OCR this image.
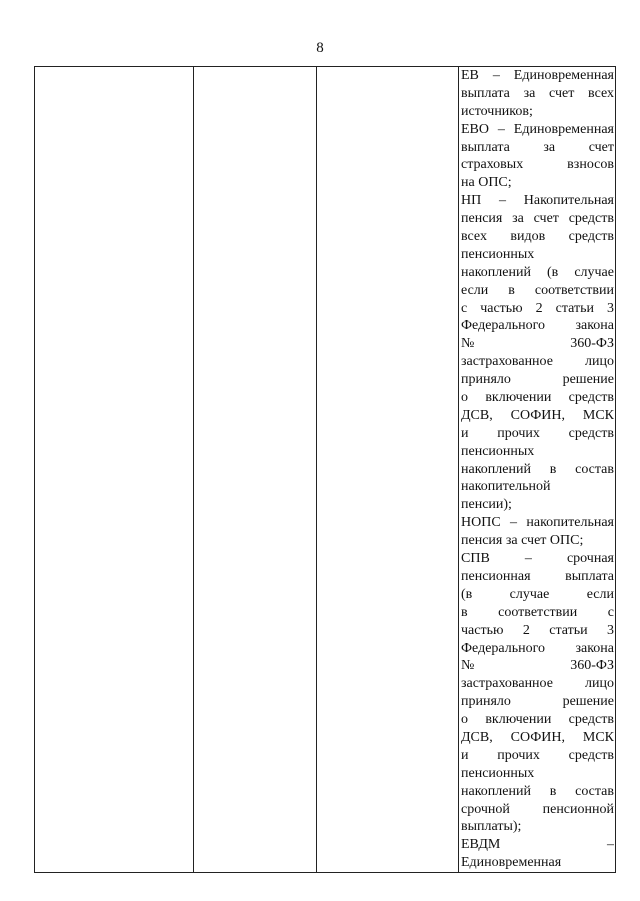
8

ЕВ – Единовременная
выплата за счет всех
источников;
ЕВО – Единовременная
выплата за счет
страховых взносов
на ОПС;
НП – Накопительная
пенсия за счет средств
всех видов средств
пенсионных
накоплений (в случае
если в соответствии
с частью 2 статьи 3
Федерального закона
№ 360-ФЗ
застрахованное лицо
приняло решение
о включении средств
ДСВ, СОФИН, МСК
и прочих средств
пенсионных
накоплений в состав
накопительной
пенсии);
НОПС – накопительная
пенсия за счет ОПС;
СПВ – срочная
пенсионная выплата
(в случае если
в соответствии с
частью 2 статьи 3
Федерального закона
№ 360-ФЗ
застрахованное лицо
приняло решение
о включении средств
ДСВ, СОФИН, МСК
и прочих средств
пенсионных
накоплений в состав
срочной пенсионной
выплаты);
ЕВДМ –
Единовременная
